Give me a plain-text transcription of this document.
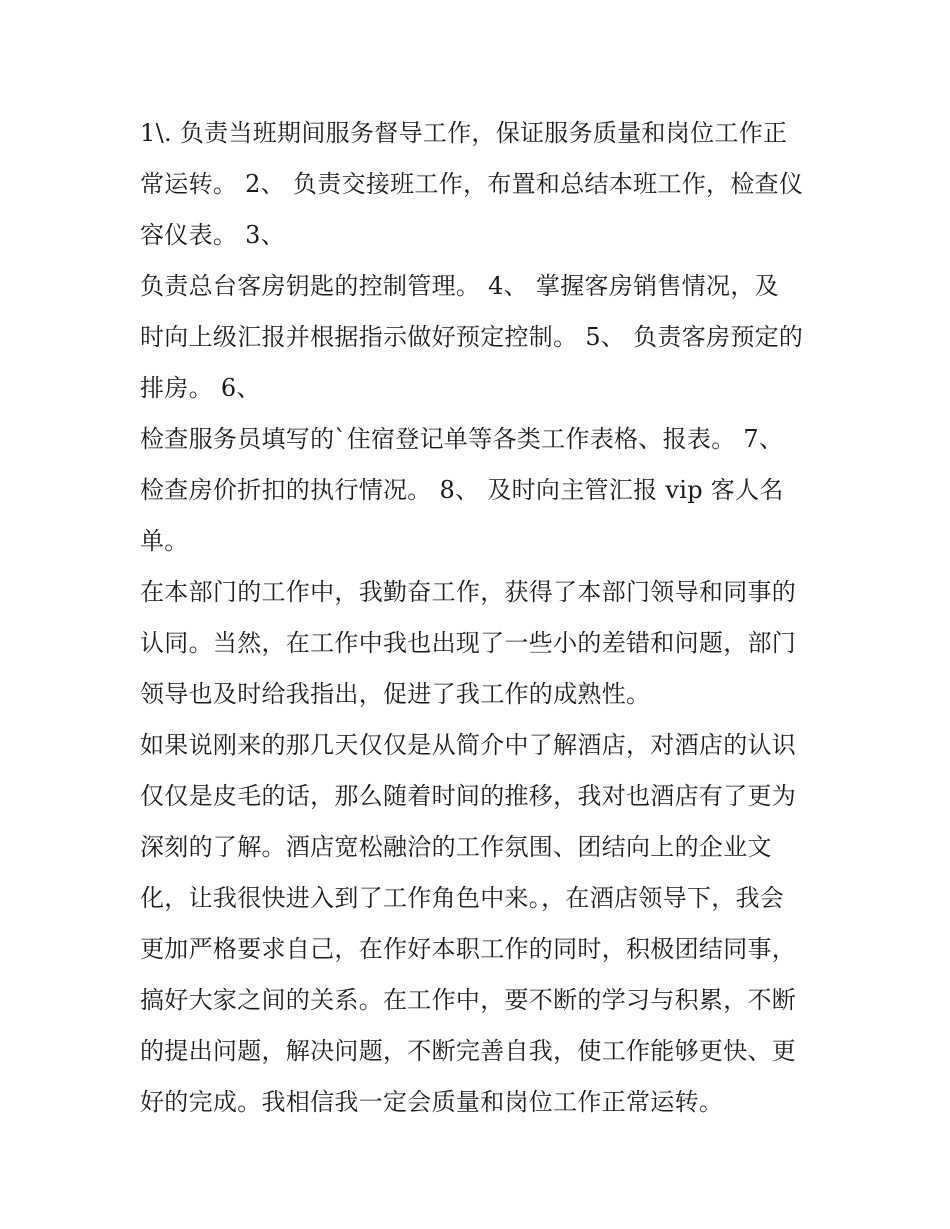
1\. 负责当班期间服务督导工作，保证服务质量和岗位工作正
常运转。 2、 负责交接班工作，布置和总结本班工作，检查仪
容仪表。 3、

负责总台客房钥匙的控制管理。 4、 掌握客房销售情况，及
时向上级汇报并根据指示做好预定控制。 5、 负责客房预定的
排房。 6、

检查服务员填写的`住宿登记单等各类工作表格、报表。 7、
检查房价折扣的执行情况。 8、 及时向主管汇报 vip 客人名
单。

在本部门的工作中，我勤奋工作，获得了本部门领导和同事的
认同。当然，在工作中我也出现了一些小的差错和问题，部门
领导也及时给我指出，促进了我工作的成熟性。

如果说刚来的那几天仅仅是从简介中了解酒店，对酒店的认识
仅仅是皮毛的话，那么随着时间的推移，我对也酒店有了更为
深刻的了解。酒店宽松融洽的工作氛围、团结向上的企业文
化，让我很快进入到了工作角色中来。，在酒店领导下，我会
更加严格要求自己，在作好本职工作的同时，积极团结同事，
搞好大家之间的关系。在工作中，要不断的学习与积累，不断
的提出问题，解决问题，不断完善自我，使工作能够更快、更
好的完成。我相信我一定会质量和岗位工作正常运转。
